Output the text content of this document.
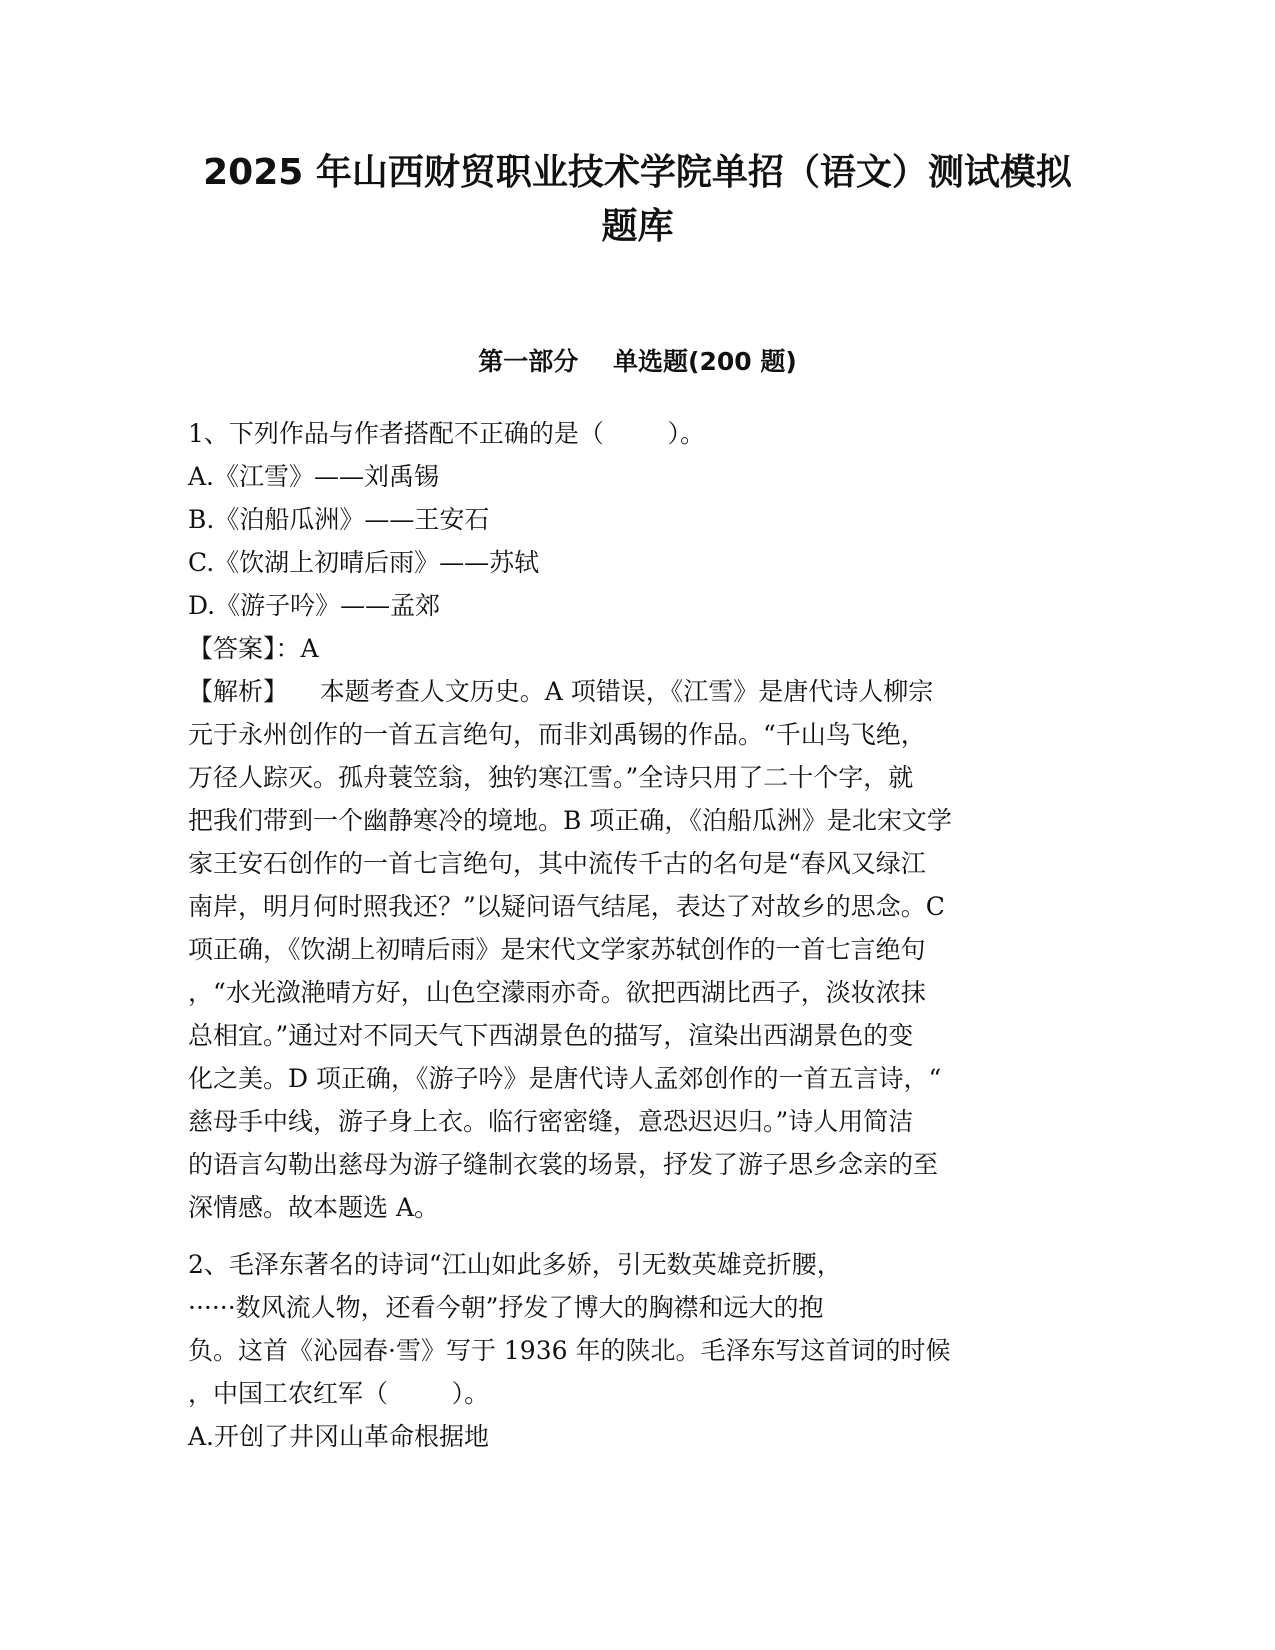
2025 年山西财贸职业技术学院单招（语文）测试模拟
题库
第一部分    单选题(200 题)

1、下列作品与作者搭配不正确的是（        ）。

A.《江雪》——刘禹锡

B.《泊船瓜洲》——王安石

C.《饮湖上初晴后雨》——苏轼

D.《游子吟》——孟郊

【答案】：A

【解析】    本题考查人文历史。A 项错误，《江雪》是唐代诗人柳宗

元于永州创作的一首五言绝句，而非刘禹锡的作品。“千山鸟飞绝，

万径人踪灭。孤舟蓑笠翁，独钓寒江雪。”全诗只用了二十个字，就

把我们带到一个幽静寒冷的境地。B 项正确，《泊船瓜洲》是北宋文学

家王安石创作的一首七言绝句，其中流传千古的名句是“春风又绿江

南岸，明月何时照我还？”以疑问语气结尾，表达了对故乡的思念。C

项正确，《饮湖上初晴后雨》是宋代文学家苏轼创作的一首七言绝句

，“水光潋滟晴方好，山色空濛雨亦奇。欲把西湖比西子，淡妆浓抹

总相宜。”通过对不同天气下西湖景色的描写，渲染出西湖景色的变

化之美。D 项正确，《游子吟》是唐代诗人孟郊创作的一首五言诗，“

慈母手中线，游子身上衣。临行密密缝，意恐迟迟归。”诗人用简洁

的语言勾勒出慈母为游子缝制衣裳的场景，抒发了游子思乡念亲的至

深情感。故本题选 A。

2、毛泽东著名的诗词“江山如此多娇，引无数英雄竞折腰，

······数风流人物，还看今朝”抒发了博大的胸襟和远大的抱

负。这首《沁园春·雪》写于 1936 年的陕北。毛泽东写这首词的时候

，中国工农红军（        ）。

A.开创了井冈山革命根据地
